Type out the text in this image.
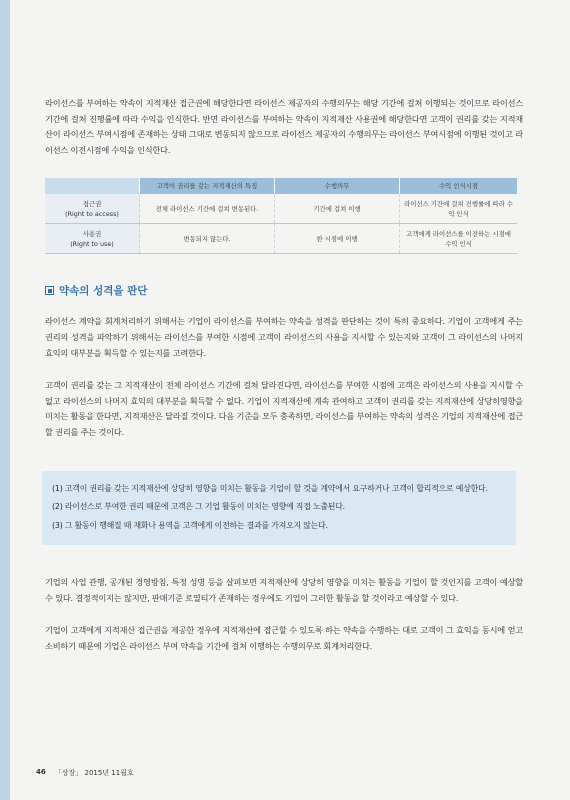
라이선스를 부여하는 약속이 지적재산 접근권에 해당한다면 라이선스 제공자의 수행의무는 해당 기간에 걸쳐 이행되는 것이므로 라이선스 기간에 걸쳐 진행률에 따라 수익을 인식한다. 반면 라이선스를 부여하는 약속이 지적재산 사용권에 해당한다면 고객이 권리를 갖는 지적재산이 라이선스 부여시점에 존재하는 상태 그대로 변동되지 않으므로 라이선스 제공자의 수행의무는 라이선스 부여시점에 이행된 것이고 라이선스 이전시점에 수익을 인식한다.

	고객이 권리를 갖는 지적재산의 특징	수행의무	수익 인식시점
접근권
(Right to access)	전체 라이선스 기간에 걸쳐 변동된다.	기간에 걸쳐 이행	라이선스 기간에 걸쳐 진행률에 따라 수익 인식
사용권
(Right to use)	변동되지 않는다.	한 시점에 이행	고객에게 라이선스를 이전하는 시점에 수익 인식
약속의 성격을 판단

라이선스 계약을 회계처리하기 위해서는 기업이 라이선스를 부여하는 약속을 성격을 판단하는 것이 특히 중요하다. 기업이 고객에게 주는 권리의 성격을 파악하기 위해서는 라이선스를 부여한 시점에 고객이 라이선스의 사용을 지시할 수 있는지와 고객이 그 라이선스의 나머지 효익의 대부분을 획득할 수 있는지를 고려한다.

고객이 권리를 갖는 그 지적재산이 전체 라이선스 기간에 걸쳐 달라진다면, 라이선스를 부여한 시점에 고객은 라이선스의 사용을 지시할 수 없고 라이선스의 나머지 효익의 대부분을 획득할 수 없다. 기업이 지적재산에 계속 관여하고 고객이 권리를 갖는 지적재산에 상당히영향을 미치는 활동을 한다면, 지적재산은 달라질 것이다. 다음 기준을 모두 충족하면, 라이선스를 부여하는 약속의 성격은 기업의 지적재산에 접근할 권리를 주는 것이다.

(1) 고객이 권리를 갖는 지적재산에 상당히 영향을 미치는 활동을 기업이 할 것을 계약에서 요구하거나 고객이 합리적으로 예상한다.

(2) 라이선스로 부여한 권리 때문에 고객은 그 기업 활동이 미치는 영향에 직접 노출된다.

(3) 그 활동이 행해질 때 재화나 용역을 고객에게 이전하는 결과를 가져오지 않는다.

기업의 사업 관행, 공개된 경영방침, 특정 성명 등을 살펴보면 지적재산에 상당히 영향을 미치는 활동을 기업이 할 것인지를 고객이 예상할 수 있다. 결정적이지는 않지만, 판매기준 로열티가 존재하는 경우에도 기업이 그러한 활동을 할 것이라고 예상할 수 있다.

기업이 고객에게 지적재산 접근권을 제공한 경우에 지적재산에 접근할 수 있도록 하는 약속을 수행하는 대로 고객이 그 효익을 동시에 얻고 소비하기 때문에 기업은 라이선스 부여 약속을 기간에 걸쳐 이행하는 수행의무로 회계처리한다.

46 「상장」 2015년 11월호
